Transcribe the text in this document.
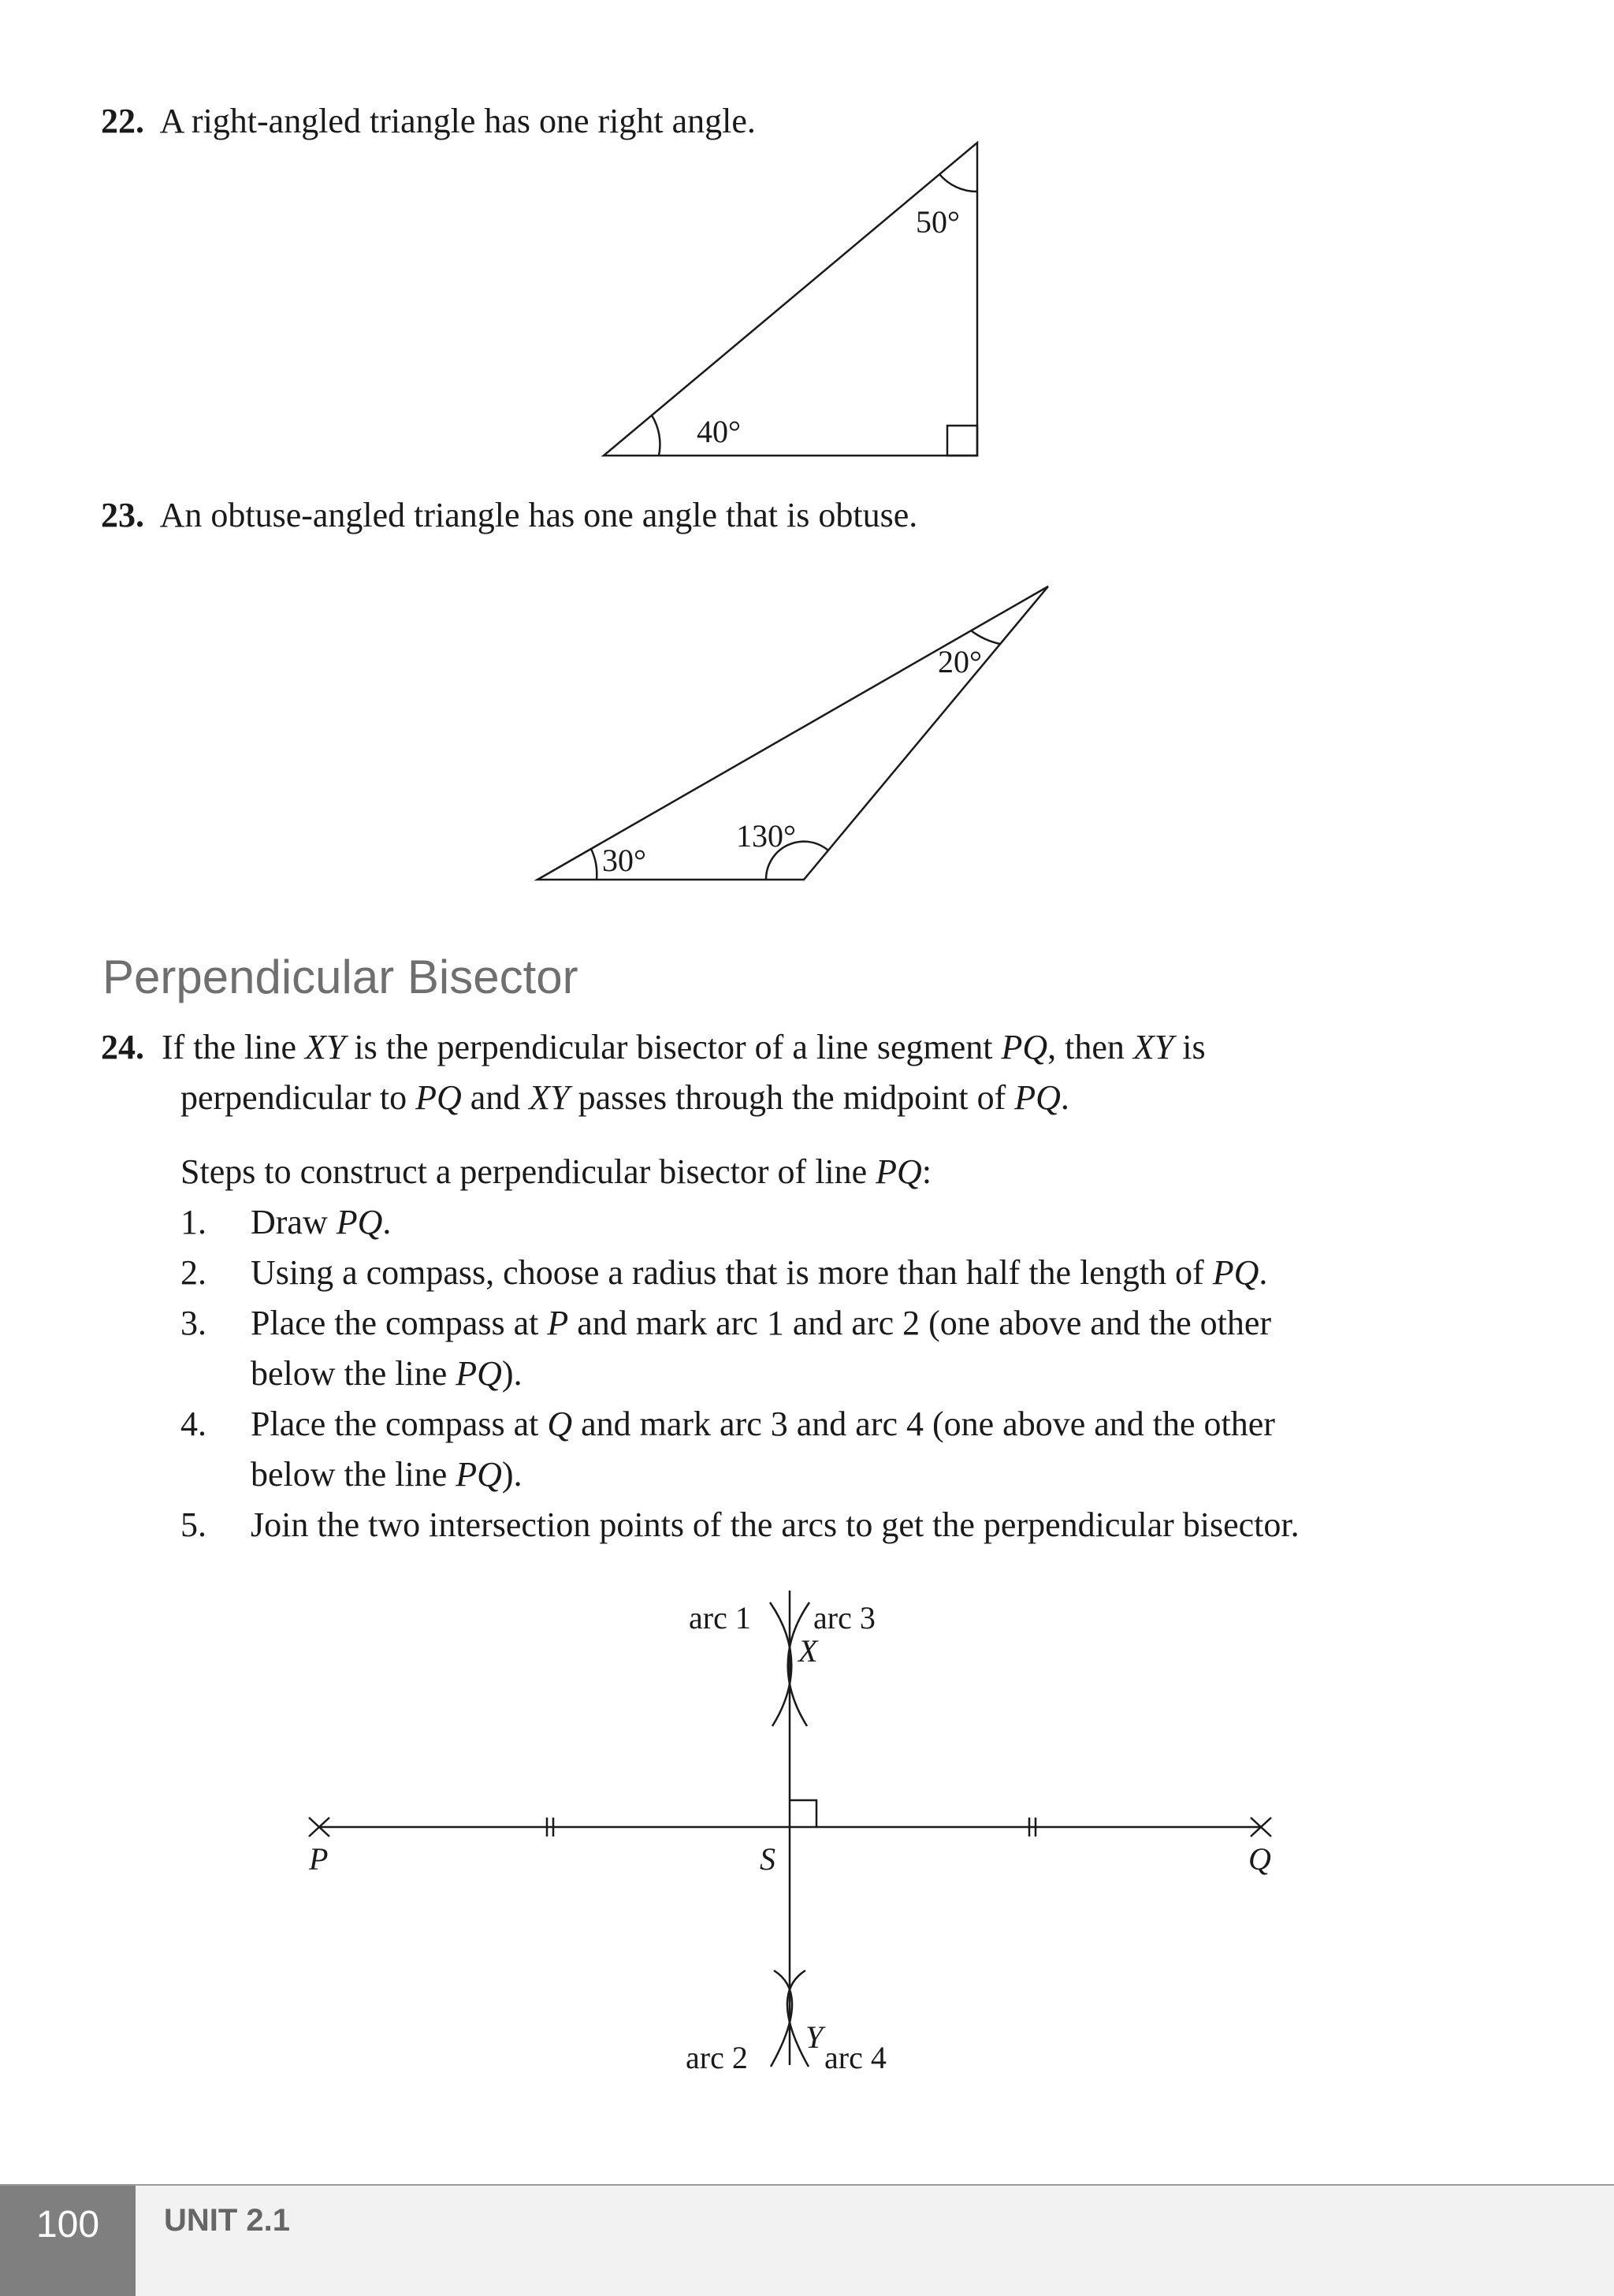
22. A right-angled triangle has one right angle.
50°
40°
23. An obtuse-angled triangle has one angle that is obtuse.
30°
130°
20°
Perpendicular Bisector
24. If the line XY is the perpendicular bisector of a line segment PQ, then XY is
perpendicular to PQ and XY passes through the midpoint of PQ.
Steps to construct a perpendicular bisector of line PQ:
1. Draw PQ.
2. Using a compass, choose a radius that is more than half the length of PQ.
3. Place the compass at P and mark arc 1 and arc 2 (one above and the other
below the line PQ).
4. Place the compass at Q and mark arc 3 and arc 4 (one above and the other
below the line PQ).
5. Join the two intersection points of the arcs to get the perpendicular bisector.
arc 1 arc 3
X
P	S	Q
Y
arc 2 arc 4
100	UNIT 2.1
